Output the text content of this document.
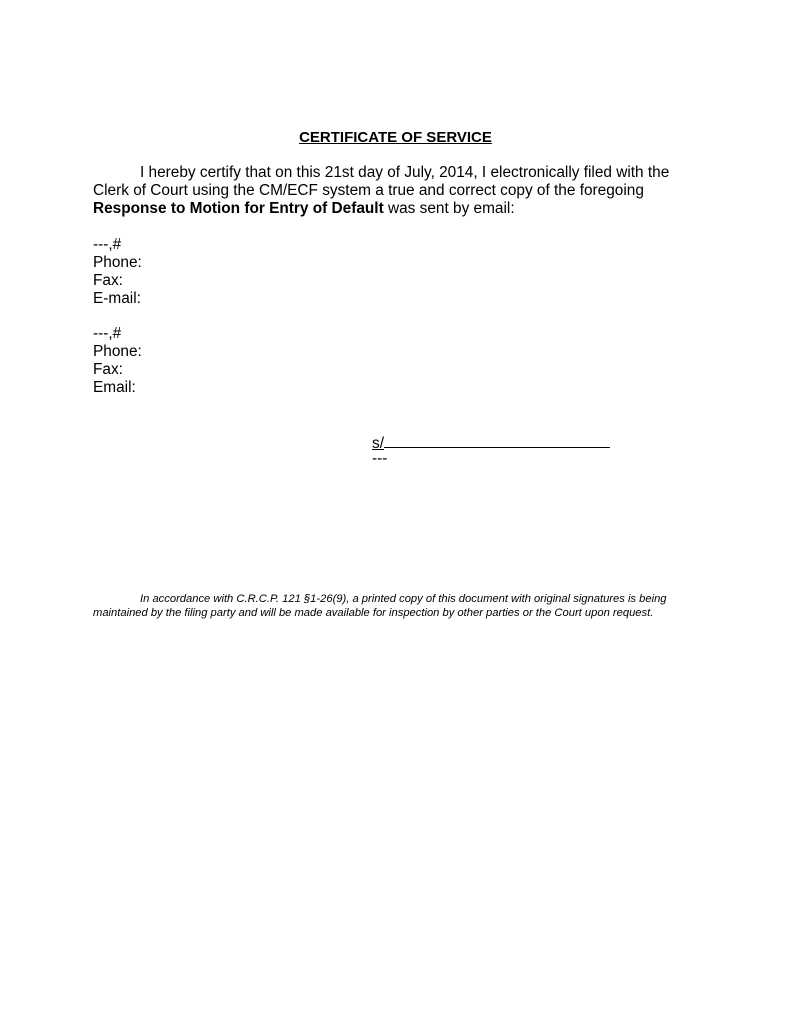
CERTIFICATE OF SERVICE
I hereby certify that on this 21st day of July, 2014, I electronically filed with the Clerk of Court using the CM/ECF system a true and correct copy of the foregoing Response to Motion for Entry of Default was sent by email:
---,#
Phone:
Fax:
E-mail:
---,#
Phone:
Fax:
Email:
s/
---
In accordance with C.R.C.P. 121 §1-26(9), a printed copy of this document with original signatures is being maintained by the filing party and will be made available for inspection by other parties or the Court upon request.
